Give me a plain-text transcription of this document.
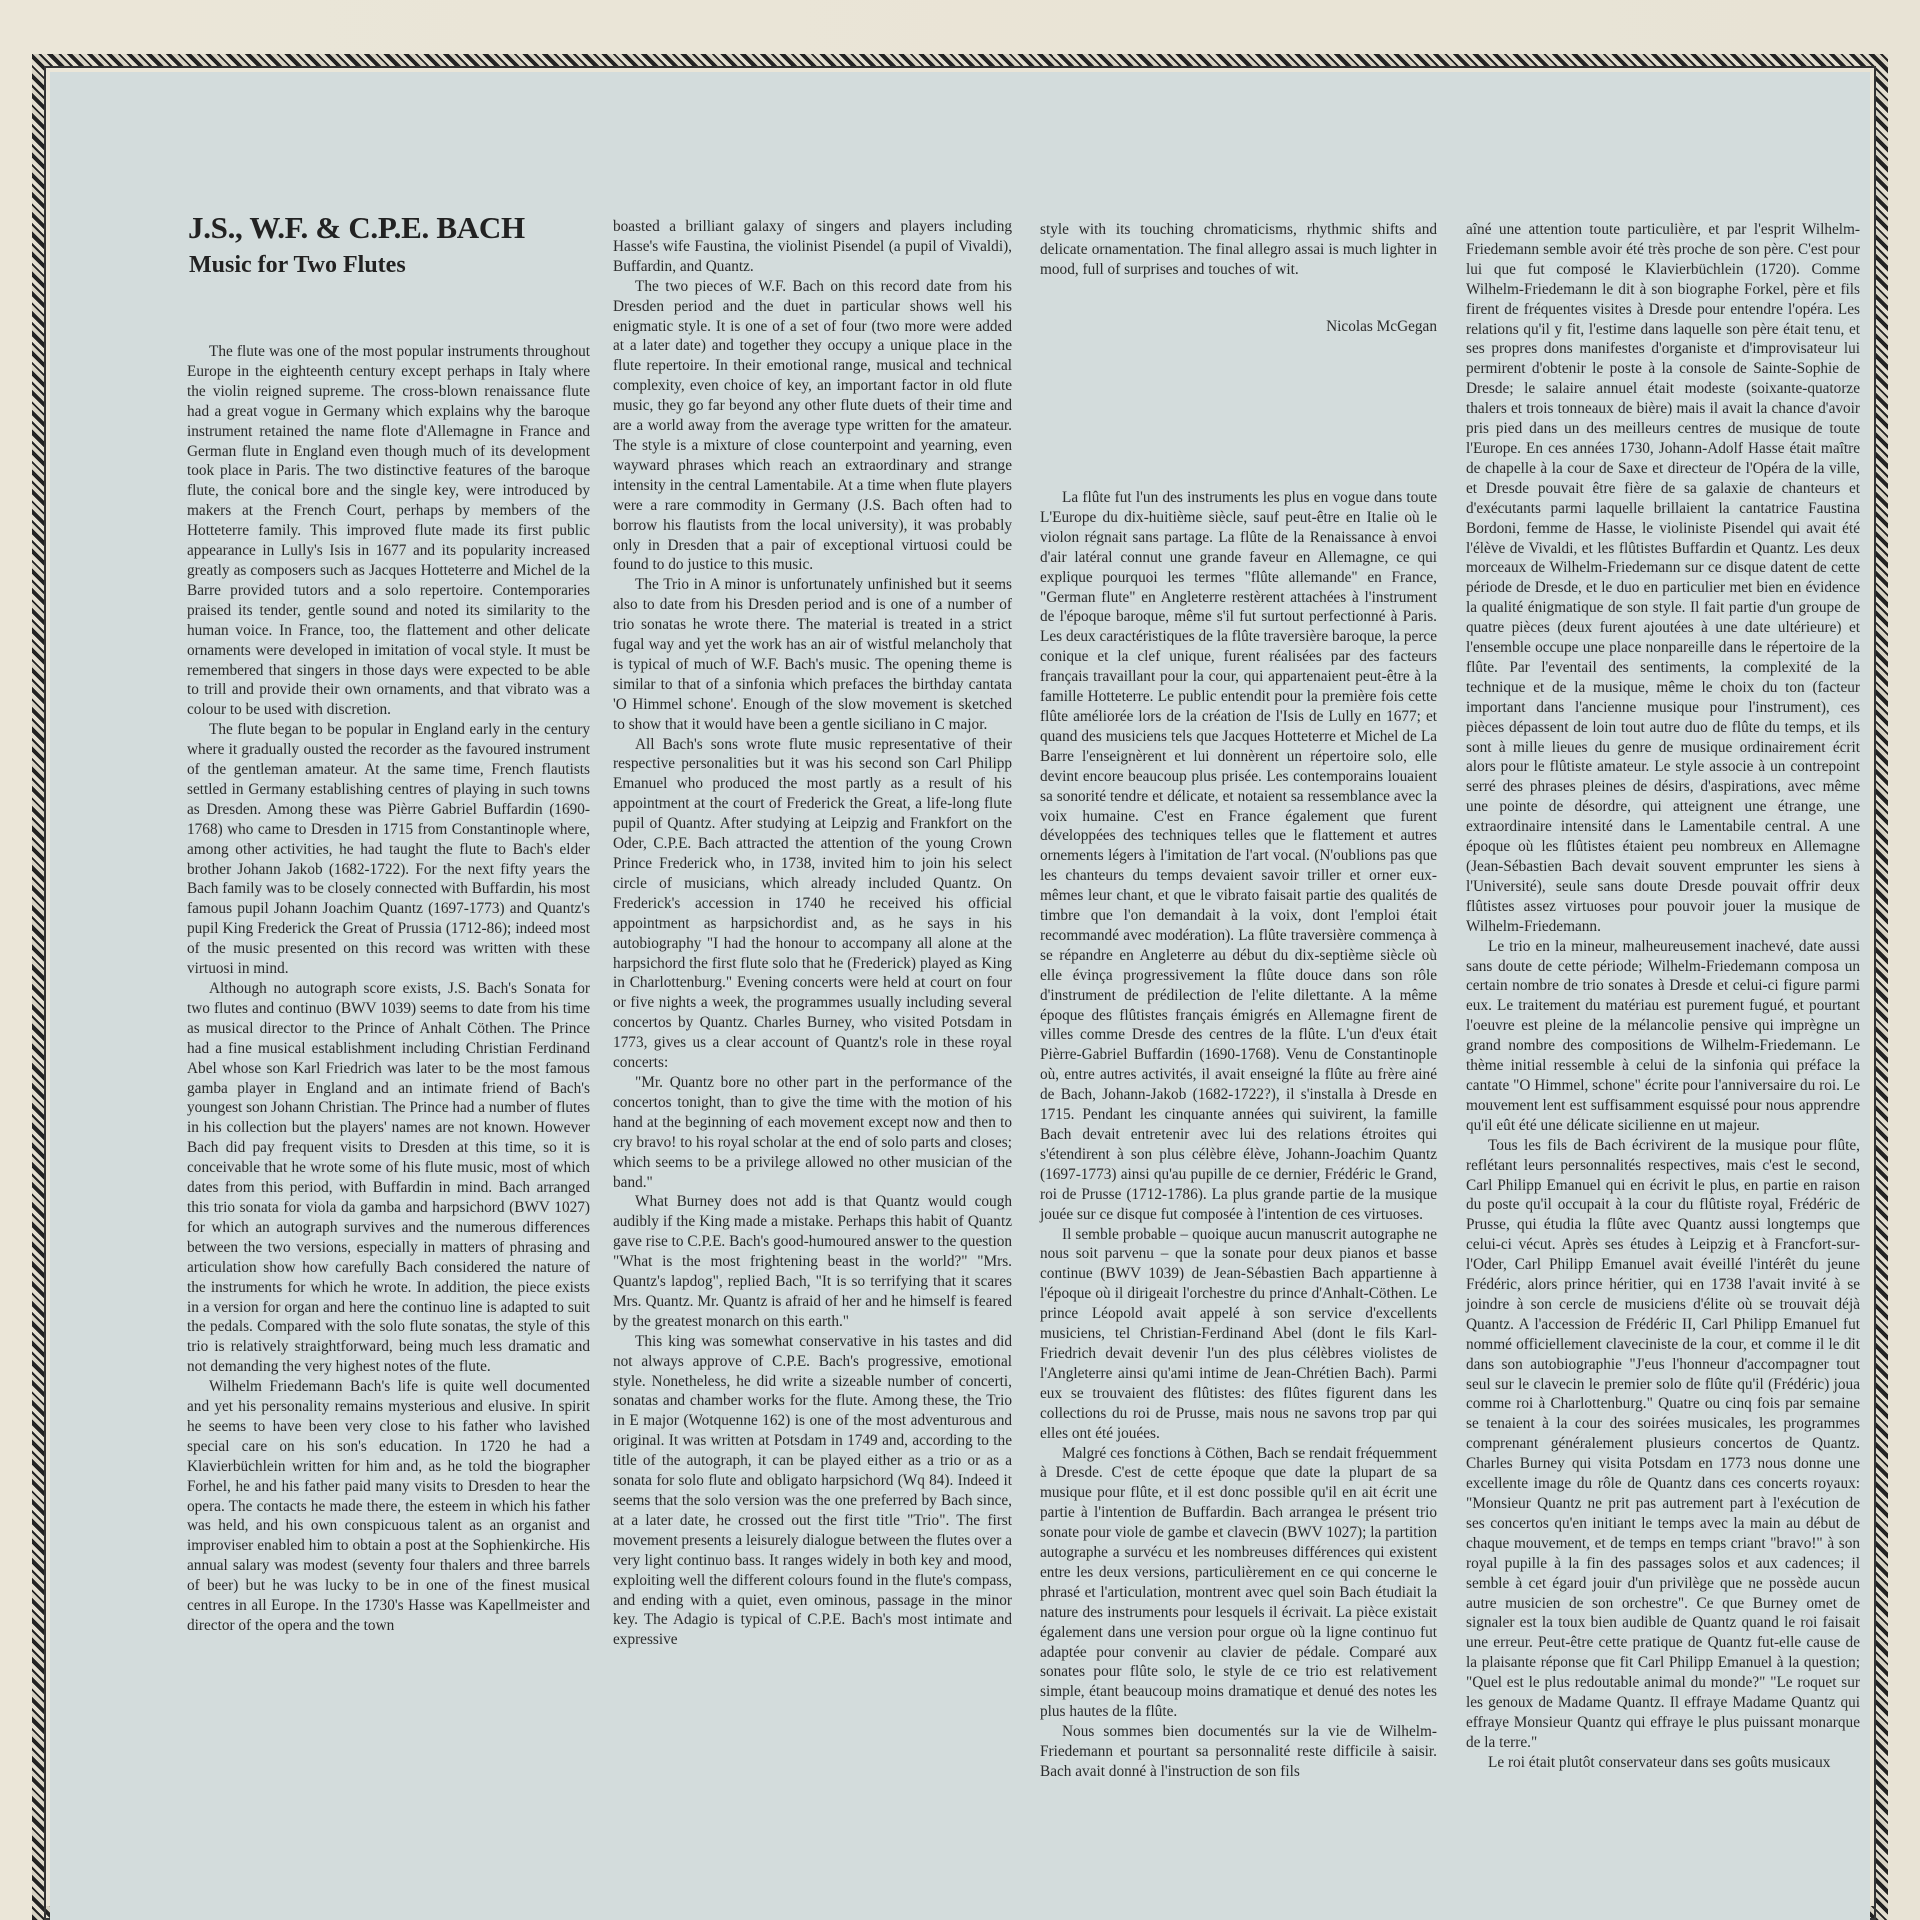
J.S., W.F. & C.P.E. BACH
Music for Two Flutes

The flute was one of the most popular instruments throughout Europe in the eighteenth century except perhaps in Italy where the violin reigned supreme. The cross-blown renaissance flute had a great vogue in Germany which explains why the baroque instrument retained the name flote d'Allemagne in France and German flute in England even though much of its development took place in Paris. The two distinctive features of the baroque flute, the conical bore and the single key, were introduced by makers at the French Court, perhaps by members of the Hotteterre family. This improved flute made its first public appearance in Lully's Isis in 1677 and its popularity increased greatly as composers such as Jacques Hotteterre and Michel de la Barre provided tutors and a solo repertoire. Contemporaries praised its tender, gentle sound and noted its similarity to the human voice. In France, too, the flattement and other delicate ornaments were developed in imitation of vocal style. It must be remembered that singers in those days were expected to be able to trill and provide their own ornaments, and that vibrato was a colour to be used with discretion.

The flute began to be popular in England early in the century where it gradually ousted the recorder as the favoured instrument of the gentleman amateur. At the same time, French flautists settled in Germany establishing centres of playing in such towns as Dresden. Among these was Pièrre Gabriel Buffardin (1690-1768) who came to Dresden in 1715 from Constantinople where, among other activities, he had taught the flute to Bach's elder brother Johann Jakob (1682-1722). For the next fifty years the Bach family was to be closely connected with Buffardin, his most famous pupil Johann Joachim Quantz (1697-1773) and Quantz's pupil King Frederick the Great of Prussia (1712-86); indeed most of the music presented on this record was written with these virtuosi in mind.

Although no autograph score exists, J.S. Bach's Sonata for two flutes and continuo (BWV 1039) seems to date from his time as musical director to the Prince of Anhalt Cöthen. The Prince had a fine musical establishment including Christian Ferdinand Abel whose son Karl Friedrich was later to be the most famous gamba player in England and an intimate friend of Bach's youngest son Johann Christian. The Prince had a number of flutes in his collection but the players' names are not known. However Bach did pay frequent visits to Dresden at this time, so it is conceivable that he wrote some of his flute music, most of which dates from this period, with Buffardin in mind. Bach arranged this trio sonata for viola da gamba and harpsichord (BWV 1027) for which an autograph survives and the numerous differences between the two versions, especially in matters of phrasing and articulation show how carefully Bach considered the nature of the instruments for which he wrote. In addition, the piece exists in a version for organ and here the continuo line is adapted to suit the pedals. Compared with the solo flute sonatas, the style of this trio is relatively straightforward, being much less dramatic and not demanding the very highest notes of the flute.

Wilhelm Friedemann Bach's life is quite well documented and yet his personality remains mysterious and elusive. In spirit he seems to have been very close to his father who lavished special care on his son's education. In 1720 he had a Klavierbüchlein written for him and, as he told the biographer Forhel, he and his father paid many visits to Dresden to hear the opera. The contacts he made there, the esteem in which his father was held, and his own conspicuous talent as an organist and improviser enabled him to obtain a post at the Sophienkirche. His annual salary was modest (seventy four thalers and three barrels of beer) but he was lucky to be in one of the finest musical centres in all Europe. In the 1730's Hasse was Kapellmeister and director of the opera and the town

boasted a brilliant galaxy of singers and players including Hasse's wife Faustina, the violinist Pisendel (a pupil of Vivaldi), Buffardin, and Quantz.

The two pieces of W.F. Bach on this record date from his Dresden period and the duet in particular shows well his enigmatic style. It is one of a set of four (two more were added at a later date) and together they occupy a unique place in the flute repertoire. In their emotional range, musical and technical complexity, even choice of key, an important factor in old flute music, they go far beyond any other flute duets of their time and are a world away from the average type written for the amateur. The style is a mixture of close counterpoint and yearning, even wayward phrases which reach an extraordinary and strange intensity in the central Lamentabile. At a time when flute players were a rare commodity in Germany (J.S. Bach often had to borrow his flautists from the local university), it was probably only in Dresden that a pair of exceptional virtuosi could be found to do justice to this music.

The Trio in A minor is unfortunately unfinished but it seems also to date from his Dresden period and is one of a number of trio sonatas he wrote there. The material is treated in a strict fugal way and yet the work has an air of wistful melancholy that is typical of much of W.F. Bach's music. The opening theme is similar to that of a sinfonia which prefaces the birthday cantata 'O Himmel schone'. Enough of the slow movement is sketched to show that it would have been a gentle siciliano in C major.

All Bach's sons wrote flute music representative of their respective personalities but it was his second son Carl Philipp Emanuel who produced the most partly as a result of his appointment at the court of Frederick the Great, a life-long flute pupil of Quantz. After studying at Leipzig and Frankfort on the Oder, C.P.E. Bach attracted the attention of the young Crown Prince Frederick who, in 1738, invited him to join his select circle of musicians, which already included Quantz. On Frederick's accession in 1740 he received his official appointment as harpsichordist and, as he says in his autobiography "I had the honour to accompany all alone at the harpsichord the first flute solo that he (Frederick) played as King in Charlottenburg." Evening concerts were held at court on four or five nights a week, the programmes usually including several concertos by Quantz. Charles Burney, who visited Potsdam in 1773, gives us a clear account of Quantz's role in these royal concerts:

"Mr. Quantz bore no other part in the performance of the concertos tonight, than to give the time with the motion of his hand at the beginning of each movement except now and then to cry bravo! to his royal scholar at the end of solo parts and closes; which seems to be a privilege allowed no other musician of the band."

What Burney does not add is that Quantz would cough audibly if the King made a mistake. Perhaps this habit of Quantz gave rise to C.P.E. Bach's good-humoured answer to the question "What is the most frightening beast in the world?" "Mrs. Quantz's lapdog", replied Bach, "It is so terrifying that it scares Mrs. Quantz. Mr. Quantz is afraid of her and he himself is feared by the greatest monarch on this earth."

This king was somewhat conservative in his tastes and did not always approve of C.P.E. Bach's progressive, emotional style. Nonetheless, he did write a sizeable number of concerti, sonatas and chamber works for the flute. Among these, the Trio in E major (Wotquenne 162) is one of the most adventurous and original. It was written at Potsdam in 1749 and, according to the title of the autograph, it can be played either as a trio or as a sonata for solo flute and obligato harpsichord (Wq 84). Indeed it seems that the solo version was the one preferred by Bach since, at a later date, he crossed out the first title "Trio". The first movement presents a leisurely dialogue between the flutes over a very light continuo bass. It ranges widely in both key and mood, exploiting well the different colours found in the flute's compass, and ending with a quiet, even ominous, passage in the minor key. The Adagio is typical of C.P.E. Bach's most intimate and expressive

style with its touching chromaticisms, rhythmic shifts and delicate ornamentation. The final allegro assai is much lighter in mood, full of surprises and touches of wit.

Nicolas McGegan

La flûte fut l'un des instruments les plus en vogue dans toute L'Europe du dix-huitième siècle, sauf peut-être en Italie où le violon régnait sans partage. La flûte de la Renaissance à envoi d'air latéral connut une grande faveur en Allemagne, ce qui explique pourquoi les termes "flûte allemande" en France, "German flute" en Angleterre restèrent attachées à l'instrument de l'époque baroque, même s'il fut surtout perfectionné à Paris. Les deux caractéristiques de la flûte traversière baroque, la perce conique et la clef unique, furent réalisées par des facteurs français travaillant pour la cour, qui appartenaient peut-être à la famille Hotteterre. Le public entendit pour la première fois cette flûte améliorée lors de la création de l'Isis de Lully en 1677; et quand des musiciens tels que Jacques Hotteterre et Michel de La Barre l'enseignèrent et lui donnèrent un répertoire solo, elle devint encore beaucoup plus prisée. Les contemporains louaient sa sonorité tendre et délicate, et notaient sa ressemblance avec la voix humaine. C'est en France également que furent développées des techniques telles que le flattement et autres ornements légers à l'imitation de l'art vocal. (N'oublions pas que les chanteurs du temps devaient savoir triller et orner eux-mêmes leur chant, et que le vibrato faisait partie des qualités de timbre que l'on demandait à la voix, dont l'emploi était recommandé avec modération). La flûte traversière commença à se répandre en Angleterre au début du dix-septième siècle où elle évinça progressivement la flûte douce dans son rôle d'instrument de prédilection de l'elite dilettante. A la même époque des flûtistes français émigrés en Allemagne firent de villes comme Dresde des centres de la flûte. L'un d'eux était Pièrre-Gabriel Buffardin (1690-1768). Venu de Constantinople où, entre autres activités, il avait enseigné la flûte au frère ainé de Bach, Johann-Jakob (1682-1722?), il s'installa à Dresde en 1715. Pendant les cinquante années qui suivirent, la famille Bach devait entretenir avec lui des relations étroites qui s'étendirent à son plus célèbre élève, Johann-Joachim Quantz (1697-1773) ainsi qu'au pupille de ce dernier, Frédéric le Grand, roi de Prusse (1712-1786). La plus grande partie de la musique jouée sur ce disque fut composée à l'intention de ces virtuoses.

Il semble probable – quoique aucun manuscrit autographe ne nous soit parvenu – que la sonate pour deux pianos et basse continue (BWV 1039) de Jean-Sébastien Bach appartienne à l'époque où il dirigeait l'orchestre du prince d'Anhalt-Cöthen. Le prince Léopold avait appelé à son service d'excellents musiciens, tel Christian-Ferdinand Abel (dont le fils Karl-Friedrich devait devenir l'un des plus célèbres violistes de l'Angleterre ainsi qu'ami intime de Jean-Chrétien Bach). Parmi eux se trouvaient des flûtistes: des flûtes figurent dans les collections du roi de Prusse, mais nous ne savons trop par qui elles ont été jouées.

Malgré ces fonctions à Cöthen, Bach se rendait fréquemment à Dresde. C'est de cette époque que date la plupart de sa musique pour flûte, et il est donc possible qu'il en ait écrit une partie à l'intention de Buffardin. Bach arrangea le présent trio sonate pour viole de gambe et clavecin (BWV 1027); la partition autographe a survécu et les nombreuses différences qui existent entre les deux versions, particulièrement en ce qui concerne le phrasé et l'articulation, montrent avec quel soin Bach étudiait la nature des instruments pour lesquels il écrivait. La pièce existait également dans une version pour orgue où la ligne continuo fut adaptée pour convenir au clavier de pédale. Comparé aux sonates pour flûte solo, le style de ce trio est relativement simple, étant beaucoup moins dramatique et denué des notes les plus hautes de la flûte.

Nous sommes bien documentés sur la vie de Wilhelm-Friedemann et pourtant sa personnalité reste difficile à saisir. Bach avait donné à l'instruction de son fils

aîné une attention toute particulière, et par l'esprit Wilhelm-Friedemann semble avoir été très proche de son père. C'est pour lui que fut composé le Klavierbüchlein (1720). Comme Wilhelm-Friedemann le dit à son biographe Forkel, père et fils firent de fréquentes visites à Dresde pour entendre l'opéra. Les relations qu'il y fit, l'estime dans laquelle son père était tenu, et ses propres dons manifestes d'organiste et d'improvisateur lui permirent d'obtenir le poste à la console de Sainte-Sophie de Dresde; le salaire annuel était modeste (soixante-quatorze thalers et trois tonneaux de bière) mais il avait la chance d'avoir pris pied dans un des meilleurs centres de musique de toute l'Europe. En ces années 1730, Johann-Adolf Hasse était maître de chapelle à la cour de Saxe et directeur de l'Opéra de la ville, et Dresde pouvait être fière de sa galaxie de chanteurs et d'exécutants parmi laquelle brillaient la cantatrice Faustina Bordoni, femme de Hasse, le violiniste Pisendel qui avait été l'élève de Vivaldi, et les flûtistes Buffardin et Quantz. Les deux morceaux de Wilhelm-Friedemann sur ce disque datent de cette période de Dresde, et le duo en particulier met bien en évidence la qualité énigmatique de son style. Il fait partie d'un groupe de quatre pièces (deux furent ajoutées à une date ultérieure) et l'ensemble occupe une place nonpareille dans le répertoire de la flûte. Par l'eventail des sentiments, la complexité de la technique et de la musique, même le choix du ton (facteur important dans l'ancienne musique pour l'instrument), ces pièces dépassent de loin tout autre duo de flûte du temps, et ils sont à mille lieues du genre de musique ordinairement écrit alors pour le flûtiste amateur. Le style associe à un contrepoint serré des phrases pleines de désirs, d'aspirations, avec même une pointe de désordre, qui atteignent une étrange, une extraordinaire intensité dans le Lamentabile central. A une époque où les flûtistes étaient peu nombreux en Allemagne (Jean-Sébastien Bach devait souvent emprunter les siens à l'Université), seule sans doute Dresde pouvait offrir deux flûtistes assez virtuoses pour pouvoir jouer la musique de Wilhelm-Friedemann.

Le trio en la mineur, malheureusement inachevé, date aussi sans doute de cette période; Wilhelm-Friedemann composa un certain nombre de trio sonates à Dresde et celui-ci figure parmi eux. Le traitement du matériau est purement fugué, et pourtant l'oeuvre est pleine de la mélancolie pensive qui imprègne un grand nombre des compositions de Wilhelm-Friedemann. Le thème initial ressemble à celui de la sinfonia qui préface la cantate "O Himmel, schone" écrite pour l'anniversaire du roi. Le mouvement lent est suffisamment esquissé pour nous apprendre qu'il eût été une délicate sicilienne en ut majeur.

Tous les fils de Bach écrivirent de la musique pour flûte, reflétant leurs personnalités respectives, mais c'est le second, Carl Philipp Emanuel qui en écrivit le plus, en partie en raison du poste qu'il occupait à la cour du flûtiste royal, Frédéric de Prusse, qui étudia la flûte avec Quantz aussi longtemps que celui-ci vécut. Après ses études à Leipzig et à Francfort-sur-l'Oder, Carl Philipp Emanuel avait éveillé l'intérêt du jeune Frédéric, alors prince héritier, qui en 1738 l'avait invité à se joindre à son cercle de musiciens d'élite où se trouvait déjà Quantz. A l'accession de Frédéric II, Carl Philipp Emanuel fut nommé officiellement claveciniste de la cour, et comme il le dit dans son autobiographie "J'eus l'honneur d'accompagner tout seul sur le clavecin le premier solo de flûte qu'il (Frédéric) joua comme roi à Charlottenburg." Quatre ou cinq fois par semaine se tenaient à la cour des soirées musicales, les programmes comprenant généralement plusieurs concertos de Quantz. Charles Burney qui visita Potsdam en 1773 nous donne une excellente image du rôle de Quantz dans ces concerts royaux: "Monsieur Quantz ne prit pas autrement part à l'exécution de ses concertos qu'en initiant le temps avec la main au début de chaque mouvement, et de temps en temps criant "bravo!" à son royal pupille à la fin des passages solos et aux cadences; il semble à cet égard jouir d'un privilège que ne possède aucun autre musicien de son orchestre". Ce que Burney omet de signaler est la toux bien audible de Quantz quand le roi faisait une erreur. Peut-être cette pratique de Quantz fut-elle cause de la plaisante réponse que fit Carl Philipp Emanuel à la question; "Quel est le plus redoutable animal du monde?" "Le roquet sur les genoux de Madame Quantz. Il effraye Madame Quantz qui effraye Monsieur Quantz qui effraye le plus puissant monarque de la terre."

Le roi était plutôt conservateur dans ses goûts musicaux
